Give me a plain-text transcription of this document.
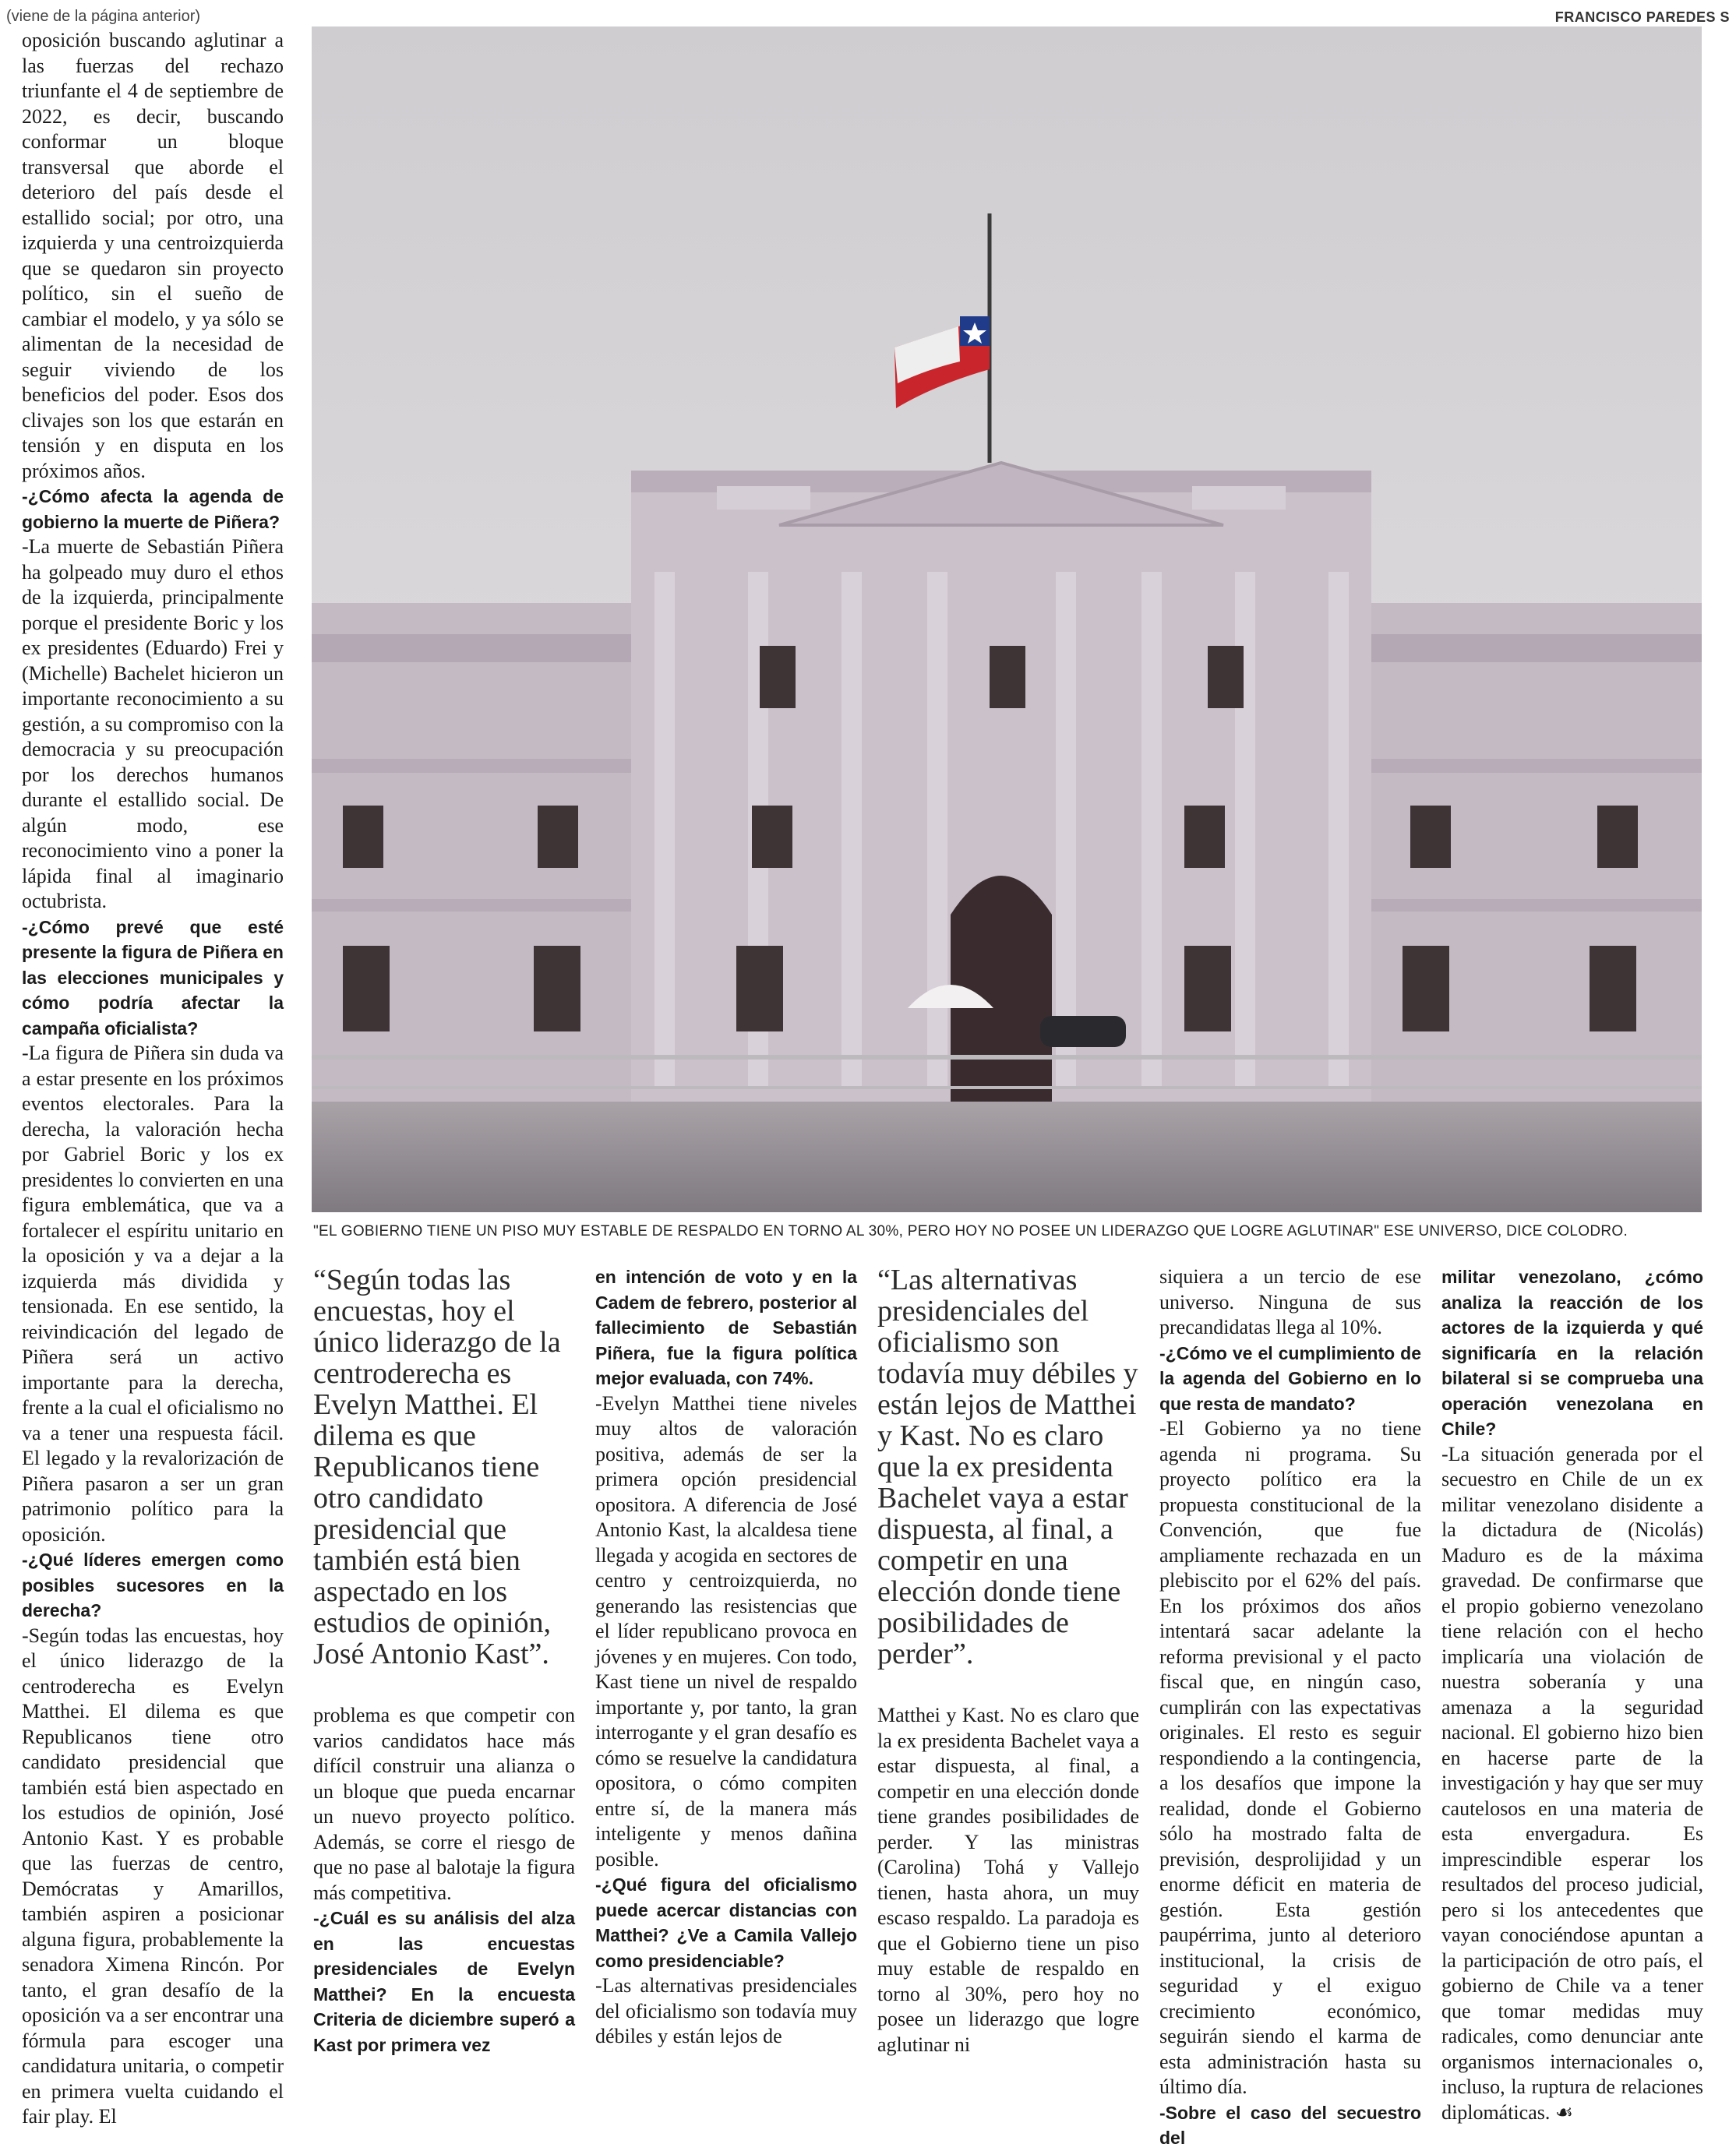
(viene de la página anterior)	FRANCISCO PAREDES S

oposición buscando aglutinar a las fuerzas del rechazo triunfante el 4 de septiembre de 2022, es decir, buscando conformar un bloque transversal que aborde el deterioro del país desde el estallido social; por otro, una izquierda y una centroizquierda que se quedaron sin proyecto político, sin el sueño de cambiar el modelo, y ya sólo se alimentan de la necesidad de seguir viviendo de los beneficios del poder. Esos dos clivajes son los que estarán en tensión y en disputa en los próximos años.

-¿Cómo afecta la agenda de gobierno la muerte de Piñera?

-La muerte de Sebastián Piñera ha golpeado muy duro el ethos de la izquierda, principalmente porque el presidente Boric y los ex presidentes (Eduardo) Frei y (Michelle) Bachelet hicieron un importante reconocimiento a su gestión, a su compromiso con la democracia y su preocupación por los derechos humanos durante el estallido social. De algún modo, ese reconocimiento vino a poner la lápida final al imaginario octubrista.

-¿Cómo prevé que esté presente la figura de Piñera en las elecciones municipales y cómo podría afectar la campaña oficialista?

-La figura de Piñera sin duda va a estar presente en los próximos eventos electorales. Para la derecha, la valoración hecha por Gabriel Boric y los ex presidentes lo convierten en una figura emblemática, que va a fortalecer el espíritu unitario en la oposición y va a dejar a la izquierda más dividida y tensionada. En ese sentido, la reivindicación del legado de Piñera será un activo importante para la derecha, frente a la cual el oficialismo no va a tener una respuesta fácil. El legado y la revalorización de Piñera pasaron a ser un gran patrimonio político para la oposición.

-¿Qué líderes emergen como posibles sucesores en la derecha?

-Según todas las encuestas, hoy el único liderazgo de la centroderecha es Evelyn Matthei. El dilema es que Republicanos tiene otro candidato presidencial que también está bien aspectado en los estudios de opinión, José Antonio Kast. Y es probable que las fuerzas de centro, Demócratas y Amarillos, también aspiren a posicionar alguna figura, probablemente la senadora Ximena Rincón. Por tanto, el gran desafío de la oposición va a ser encontrar una fórmula para escoger una candidatura unitaria, o competir en primera vuelta cuidando el fair play. El

"EL GOBIERNO TIENE UN PISO MUY ESTABLE DE RESPALDO EN TORNO AL 30%, PERO HOY NO POSEE UN LIDERAZGO QUE LOGRE AGLUTINAR" ESE UNIVERSO, DICE COLODRO.
“Según todas las encuestas, hoy el único liderazgo de la centroderecha es Evelyn Matthei. El dilema es que Republicanos tiene otro candidato presidencial que también está bien aspectado en los estudios de opinión, José Antonio Kast”.

problema es que competir con varios candidatos hace más difícil construir una alianza o un bloque que pueda encarnar un nuevo proyecto político. Además, se corre el riesgo de que no pase al balotaje la figura más competitiva.

-¿Cuál es su análisis del alza en las encuestas presidenciales de Evelyn Matthei? En la encuesta Criteria de diciembre superó a Kast por primera vez

en intención de voto y en la Cadem de febrero, posterior al fallecimiento de Sebastián Piñera, fue la figura política mejor evaluada, con 74%.

-Evelyn Matthei tiene niveles muy altos de valoración positiva, además de ser la primera opción presidencial opositora. A diferencia de José Antonio Kast, la alcaldesa tiene llegada y acogida en sectores de centro y centroizquierda, no generando las resistencias que el líder republicano provoca en jóvenes y en mujeres. Con todo, Kast tiene un nivel de respaldo importante y, por tanto, la gran interrogante y el gran desafío es cómo se resuelve la candidatura opositora, o cómo compiten entre sí, de la manera más inteligente y menos dañina posible.

-¿Qué figura del oficialismo puede acercar distancias con Matthei? ¿Ve a Camila Vallejo como presidenciable?

-Las alternativas presidenciales del oficialismo son todavía muy débiles y están lejos de

“Las alternativas presidenciales del oficialismo son todavía muy débiles y están lejos de Matthei y Kast. No es claro que la ex presidenta Bachelet vaya a estar dispuesta, al final, a competir en una elección donde tiene posibilidades de perder”.

Matthei y Kast. No es claro que la ex presidenta Bachelet vaya a estar dispuesta, al final, a competir en una elección donde tiene grandes posibilidades de perder. Y las ministras (Carolina) Tohá y Vallejo tienen, hasta ahora, un muy escaso respaldo. La paradoja es que el Gobierno tiene un piso muy estable de respaldo en torno al 30%, pero hoy no posee un liderazgo que logre aglutinar ni

siquiera a un tercio de ese universo. Ninguna de sus precandidatas llega al 10%.

-¿Cómo ve el cumplimiento de la agenda del Gobierno en lo que resta de mandato?

-El Gobierno ya no tiene agenda ni programa. Su proyecto político era la propuesta constitucional de la Convención, que fue ampliamente rechazada en un plebiscito por el 62% del país. En los próximos dos años intentará sacar adelante la reforma previsional y el pacto fiscal que, en ningún caso, cumplirán con las expectativas originales. El resto es seguir respondiendo a la contingencia, a los desafíos que impone la realidad, donde el Gobierno sólo ha mostrado falta de previsión, desprolijidad y un enorme déficit en materia de gestión. Esta gestión paupérrima, junto al deterioro institucional, la crisis de seguridad y el exiguo crecimiento económico, seguirán siendo el karma de esta administración hasta su último día.

-Sobre el caso del secuestro del

militar venezolano, ¿cómo analiza la reacción de los actores de la izquierda y qué significaría en la relación bilateral si se comprueba una operación venezolana en Chile?

-La situación generada por el secuestro en Chile de un ex militar venezolano disidente a la dictadura de (Nicolás) Maduro es de la máxima gravedad. De confirmarse que el propio gobierno venezolano tiene relación con el hecho implicaría una violación de nuestra soberanía y una amenaza a la seguridad nacional. El gobierno hizo bien en hacerse parte de la investigación y hay que ser muy cautelosos en una materia de esta envergadura. Es imprescindible esperar los resultados del proceso judicial, pero si los antecedentes que vayan conociéndose apuntan a la participación de otro país, el gobierno de Chile va a tener que tomar medidas muy radicales, como denunciar ante organismos internacionales o, incluso, la ruptura de relaciones diplomáticas. ☙
